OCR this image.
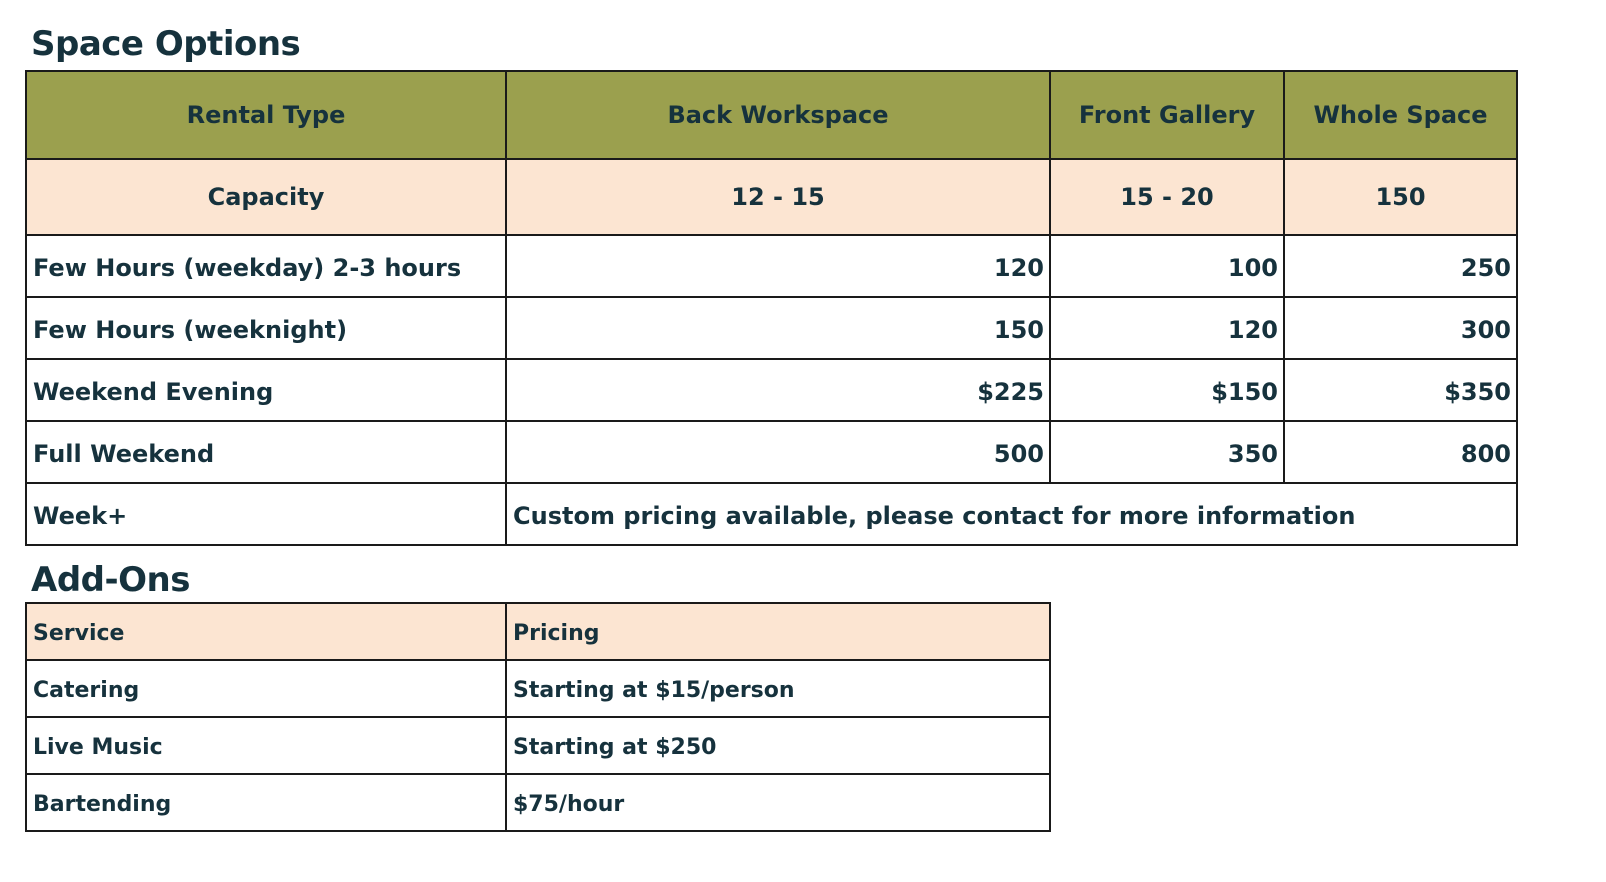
Space Options
Rental Type	Back Workspace	Front Gallery	Whole Space
Capacity	12 - 15	15 - 20	150
Few Hours (weekday) 2-3 hours	120	100	250
Few Hours (weeknight)	150	120	300
Weekend Evening	$225	$150	$350
Full Weekend	500	350	800
Week+	Custom pricing available, please contact for more information		
Add-Ons
Service	Pricing
Catering	Starting at $15/person
Live Music	Starting at $250
Bartending	$75/hour
